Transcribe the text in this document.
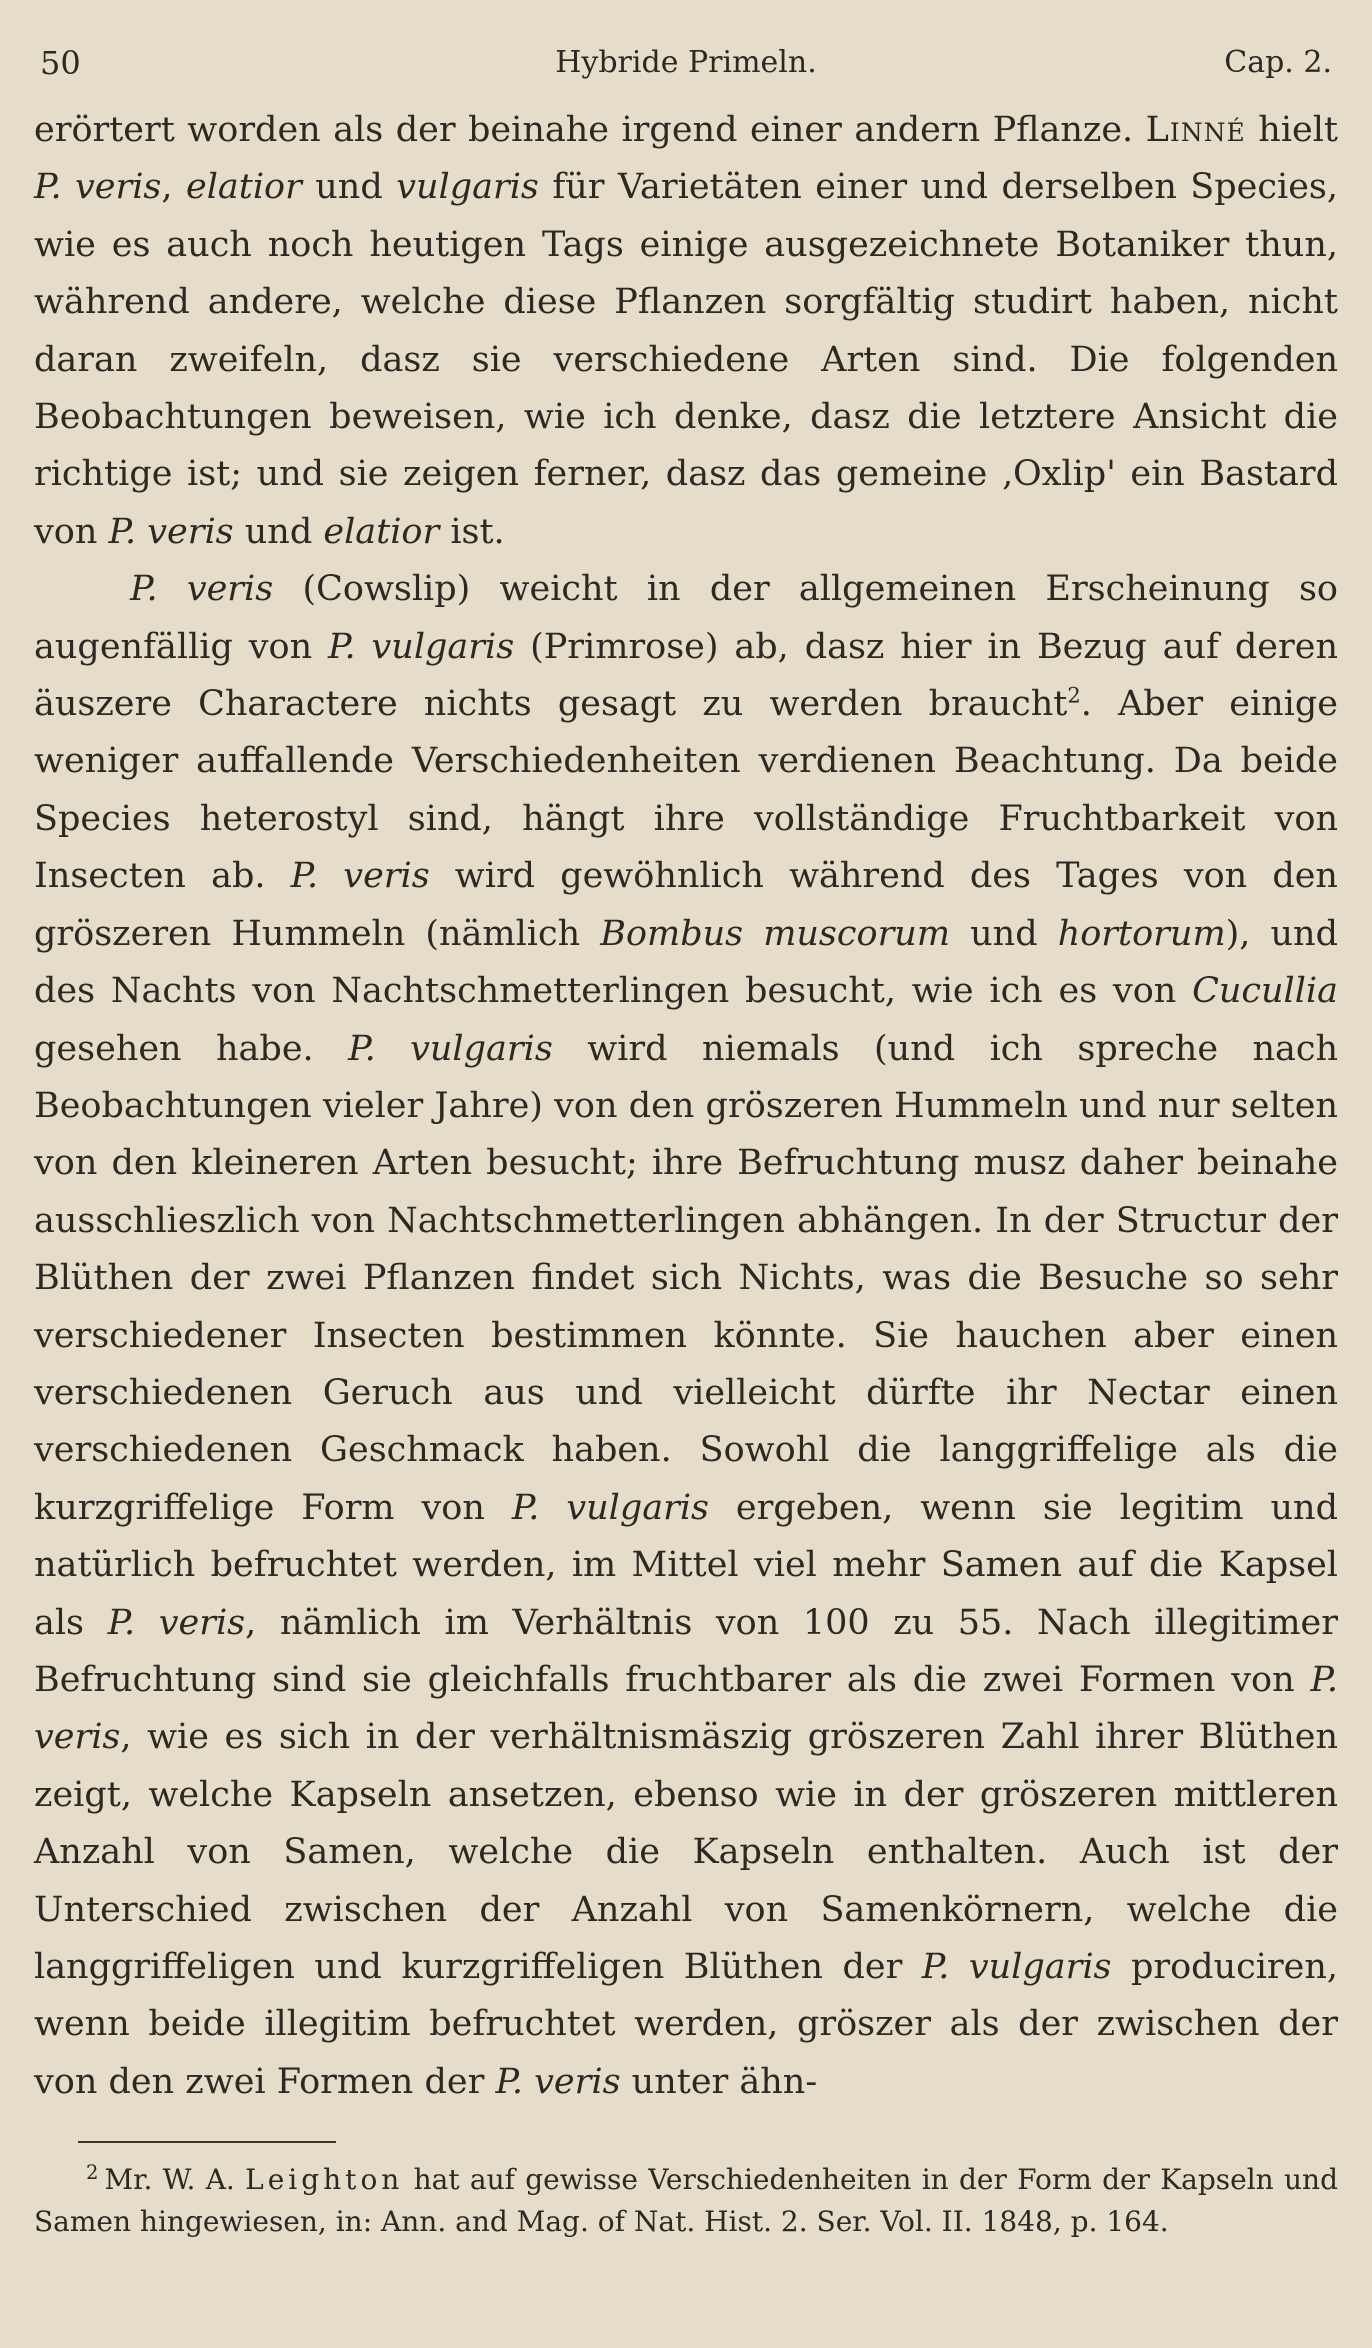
50	Hybride Primeln.	Cap. 2.

erörtert worden als der beinahe irgend einer andern Pflanze. Linné hielt P. veris, elatior und vulgaris für Varietäten einer und derselben Species, wie es auch noch heutigen Tags einige ausgezeichnete Botaniker thun, während andere, welche diese Pflanzen sorgfältig studirt haben, nicht daran zweifeln, dasz sie verschiedene Arten sind. Die folgenden Beobachtungen beweisen, wie ich denke, dasz die letztere Ansicht die richtige ist; und sie zeigen ferner, dasz das gemeine ‚Oxlip' ein Bastard von P. veris und elatior ist.

P. veris (Cowslip) weicht in der allgemeinen Erscheinung so augenfällig von P. vulgaris (Primrose) ab, dasz hier in Bezug auf deren äuszere Charactere nichts gesagt zu werden braucht$^2$. Aber einige weniger auffallende Verschiedenheiten verdienen Beachtung. Da beide Species heterostyl sind, hängt ihre vollständige Fruchtbarkeit von Insecten ab. P. veris wird gewöhnlich während des Tages von den gröszeren Hummeln (nämlich Bombus muscorum und hortorum), und des Nachts von Nachtschmetterlingen besucht, wie ich es von Cucullia gesehen habe. P. vulgaris wird niemals (und ich spreche nach Beobachtungen vieler Jahre) von den gröszeren Hummeln und nur selten von den kleineren Arten besucht; ihre Befruchtung musz daher beinahe ausschlieszlich von Nachtschmetterlingen abhängen. In der Structur der Blüthen der zwei Pflanzen findet sich Nichts, was die Besuche so sehr verschiedener Insecten bestimmen könnte. Sie hauchen aber einen verschiedenen Geruch aus und vielleicht dürfte ihr Nectar einen verschiedenen Geschmack haben. Sowohl die langgriffelige als die kurzgriffelige Form von P. vulgaris ergeben, wenn sie legitim und natürlich befruchtet werden, im Mittel viel mehr Samen auf die Kapsel als P. veris, nämlich im Verhältnis von 100 zu 55. Nach illegitimer Befruchtung sind sie gleichfalls fruchtbarer als die zwei Formen von P. veris, wie es sich in der verhältnismäszig gröszeren Zahl ihrer Blüthen zeigt, welche Kapseln ansetzen, ebenso wie in der gröszeren mittleren Anzahl von Samen, welche die Kapseln enthalten. Auch ist der Unterschied zwischen der Anzahl von Samenkörnern, welche die langgriffeligen und kurzgriffeligen Blüthen der P. vulgaris produciren, wenn beide illegitim befruchtet werden, gröszer als der zwischen der von den zwei Formen der P. veris unter ähn-

$^2$ Mr. W. A. Leighton hat auf gewisse Verschiedenheiten in der Form der Kapseln und Samen hingewiesen, in: Ann. and Mag. of Nat. Hist. 2. Ser. Vol. II. 1848, p. 164.
